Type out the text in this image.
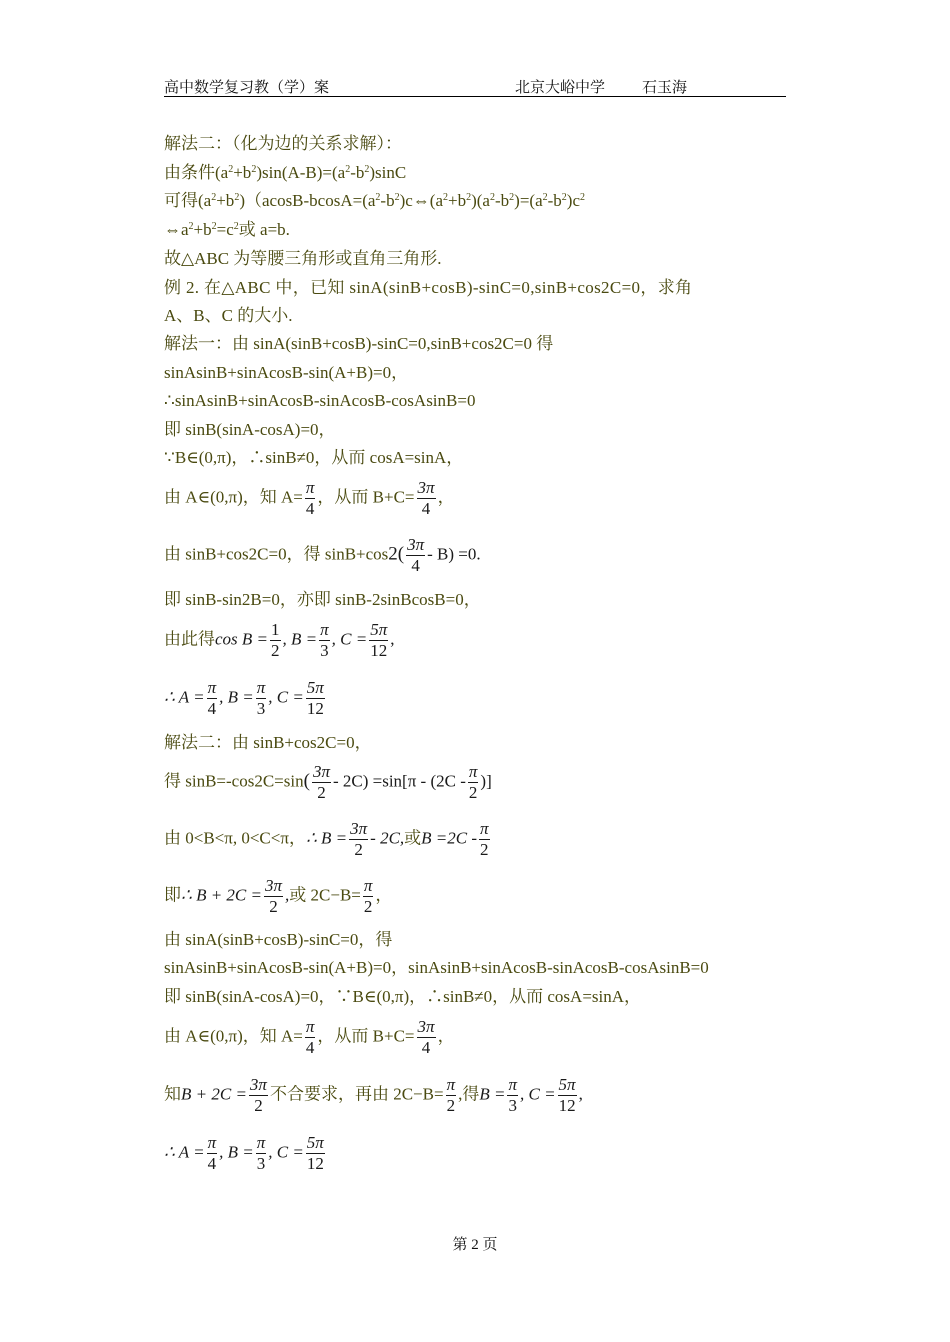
高中数学复习教（学）案	北京大峪中学 石玉海
解法二：（化为边的关系求解）：
由条件$(a^2+b^2)\sin(A-B)=(a^2-b^2)\sin C$
可得$(a^2+b^2)(acosB-bcosA=(a^2-b^2)c\Leftrightarrow(a^2+b^2)(a^2-b^2)=(a^2-b^2)c^2$
$\Leftrightarrow a^2+b^2=c^2$或 a=b.
故△ABC 为等腰三角形或直角三角形.
例 2. 在△ABC 中，已知 sinA(sinB+cosB)-sinC=0,sinB+cos2C=0，求角
A、B、C 的大小.
解法一：由 sinA(sinB+cosB)-sinC=0,sinB+cos2C=0 得
sinAsinB+sinAcosB-sin(A+B)=0，
∴sinAsinB+sinAcosB-sinAcosB-cosAsinB=0
即 sinB(sinA-cosA)=0，
∵B∈(0,π)，∴sinB≠0，从而 cosA=sinA，
由 A∈(0,π)，知 $A= \frac{\pi}{4}$ ，从而 $B+C= \frac{3\pi}{4}$ ，
由 sinB+cos2C=0，得 $\sin B+\cos 2( \frac{3\pi}{4} - B) =0$.
即 sinB-sin2B=0，亦即 sinB-2sinBcosB=0，
由此得$\cos B = \frac{1}{2}$ , $B = \frac{\pi}{3}$ , $C = \frac{5\pi}{12}$ ,
∴ $A = \frac{\pi}{4}$ , $B = \frac{\pi}{3}$ , $C = \frac{5\pi}{12}$
解法二：由 sinB+cos2C=0，
得 $\sin B=-\cos 2C=\sin( \frac{3\pi}{2} - 2C) =\sin[\pi - (2C - \frac{\pi}{2}$ )]
由 0<B<π, 0<C<π，∴ $B = \frac{3\pi}{2} - 2C$,或$B =2C - \frac{\pi}{2}$
即∴ $B + 2C = \frac{3\pi}{2}$ ,或 $2C-B= \frac{\pi}{2}$ ，
由 sinA(sinB+cosB)-sinC=0，得
sinAsinB+sinAcosB-sin(A+B)=0，sinAsinB+sinAcosB-sinAcosB-cosAsinB=0
即 sinB(sinA-cosA)=0，∵B∈(0,π)，∴sinB≠0，从而 cosA=sinA，
由 A∈(0,π)，知 $A= \frac{\pi}{4}$ ，从而 $B+C= \frac{3\pi}{4}$ ，
知$B + 2C = \frac{3\pi}{2}$ 不合要求，再由 $2C-B= \frac{\pi}{2}$ ,得$B = \frac{\pi}{3}$ , $C = \frac{5\pi}{12}$ ,
∴ $A = \frac{\pi}{4}$ , $B = \frac{\pi}{3}$ , $C = \frac{5\pi}{12}$
第 2 页
